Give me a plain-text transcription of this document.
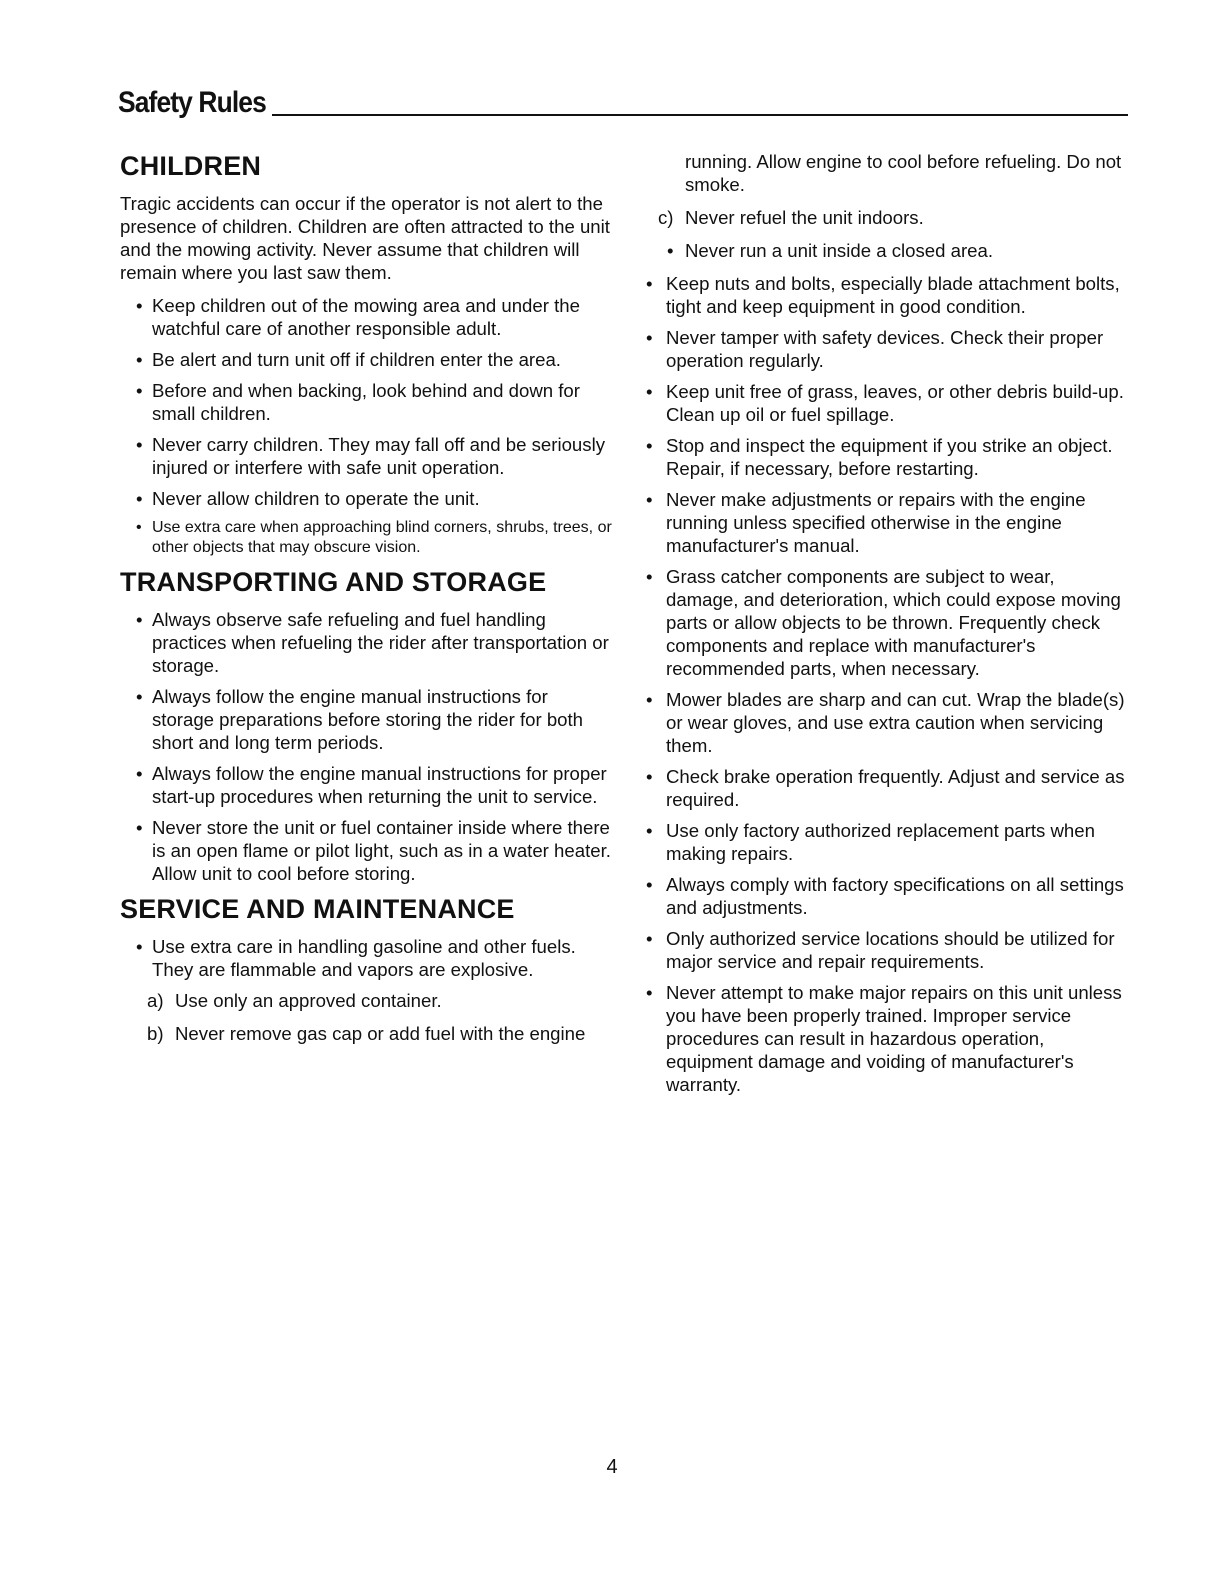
Safety Rules
CHILDREN

Tragic accidents can occur if the operator is not alert to the presence of children. Children are often attracted to the unit and the mowing activity. Never assume that children will remain where you last saw them.

• Keep children out of the mowing area and under the watchful care of another responsible adult.
• Be alert and turn unit off if children enter the area.
• Before and when backing, look behind and down for small children.
• Never carry children. They may fall off and be seriously injured or interfere with safe unit operation.
• Never allow children to operate the unit.
• Use extra care when approaching blind corners, shrubs, trees, or other objects that may obscure vision.
TRANSPORTING AND STORAGE
• Always observe safe refueling and fuel handling practices when refueling the rider after transportation or storage.
• Always follow the engine manual instructions for storage preparations before storing the rider for both short and long term periods.
• Always follow the engine manual instructions for proper start-up procedures when returning the unit to service.
• Never store the unit or fuel container inside where there is an open flame or pilot light, such as in a water heater. Allow unit to cool before storing.
SERVICE AND MAINTENANCE
• Use extra care in handling gasoline and other fuels. They are flammable and vapors are explosive.
a) Use only an approved container.
b) Never remove gas cap or add fuel with the engine
running. Allow engine to cool before refueling. Do not smoke.
c) Never refuel the unit indoors.
• Never run a unit inside a closed area.
• Keep nuts and bolts, especially blade attachment bolts, tight and keep equipment in good condition.
• Never tamper with safety devices. Check their proper operation regularly.
• Keep unit free of grass, leaves, or other debris build-up. Clean up oil or fuel spillage.
• Stop and inspect the equipment if you strike an object. Repair, if necessary, before restarting.
• Never make adjustments or repairs with the engine running unless specified otherwise in the engine manufacturer's manual.
• Grass catcher components are subject to wear, damage, and deterioration, which could expose moving parts or allow objects to be thrown. Frequently check components and replace with manufacturer's recommended parts, when necessary.
• Mower blades are sharp and can cut. Wrap the blade(s) or wear gloves, and use extra caution when servicing them.
• Check brake operation frequently. Adjust and service as required.
• Use only factory authorized replacement parts when making repairs.
• Always comply with factory specifications on all settings and adjustments.
• Only authorized service locations should be utilized for major service and repair requirements.
• Never attempt to make major repairs on this unit unless you have been properly trained. Improper service procedures can result in hazardous operation, equipment damage and voiding of manufacturer's warranty.
4
